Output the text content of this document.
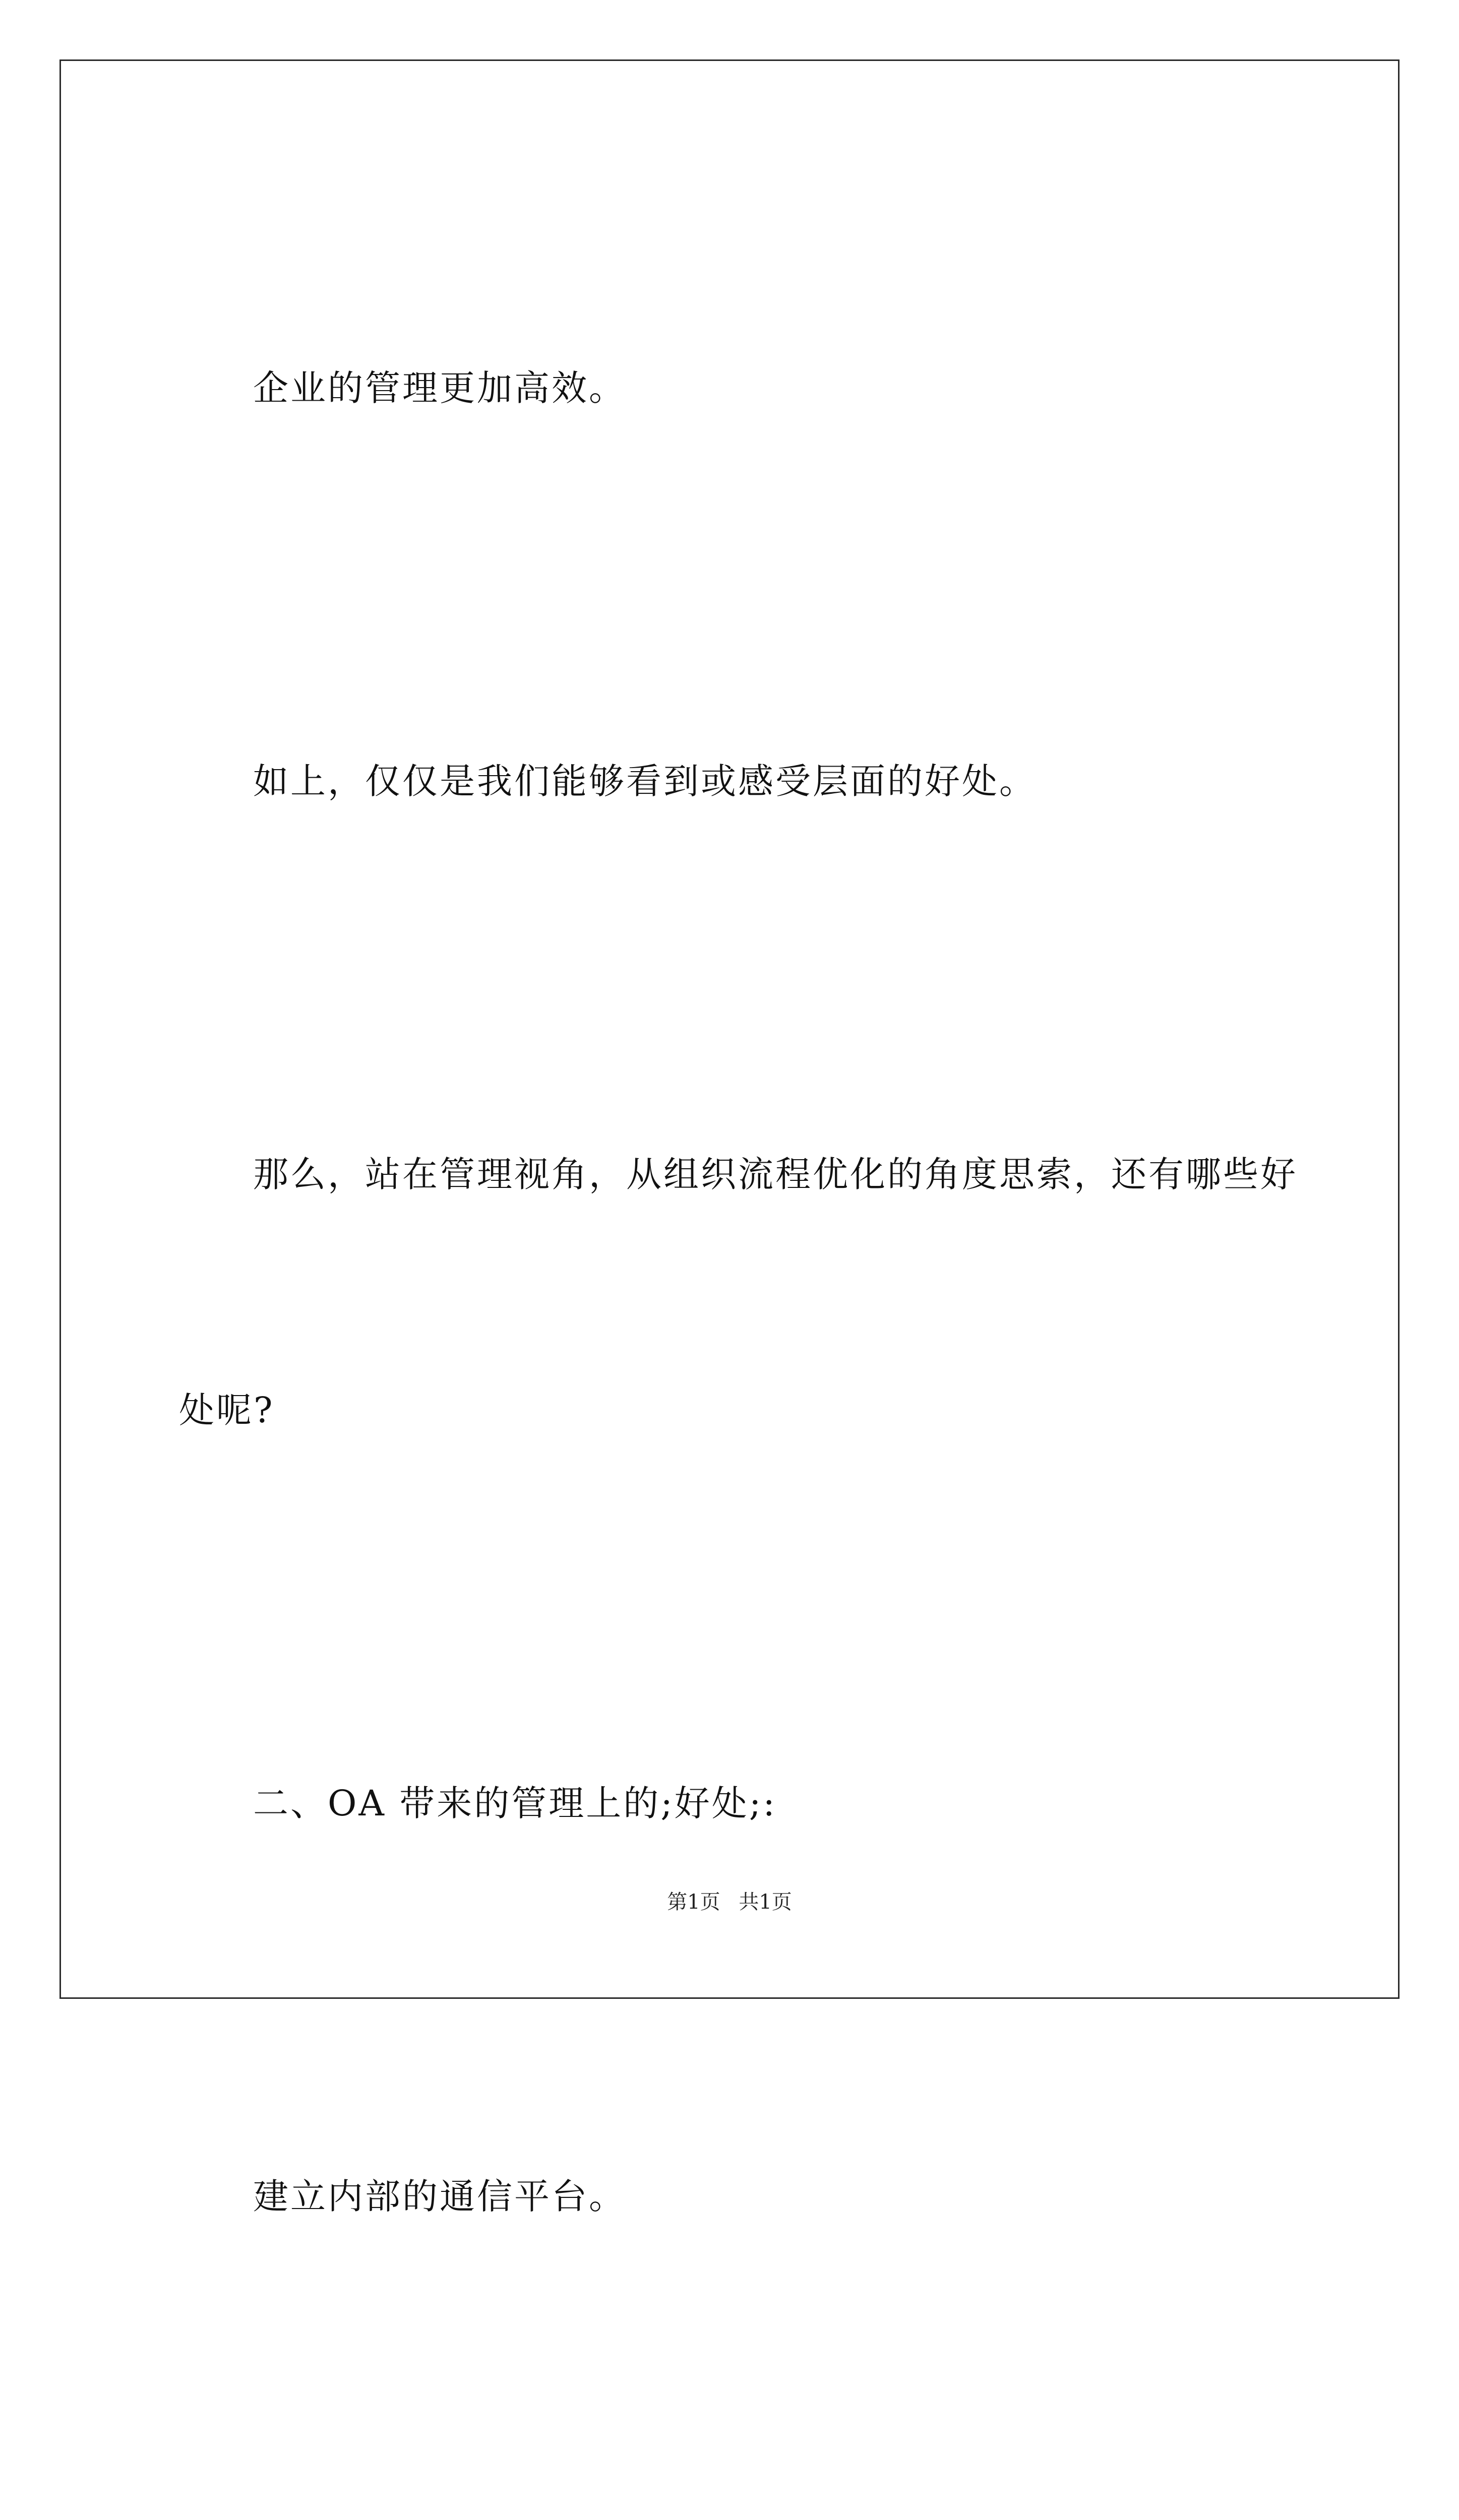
企业的管理更加高效。

如上，仅仅是我们能够看到或感受层面的好处。

那么，站在管理视角，从组织流程优化的角度思索，还有哪些好

处呢?

二、OA 带来的管理上的;好处;:

建立内部的通信平台。

第1页 共1页
